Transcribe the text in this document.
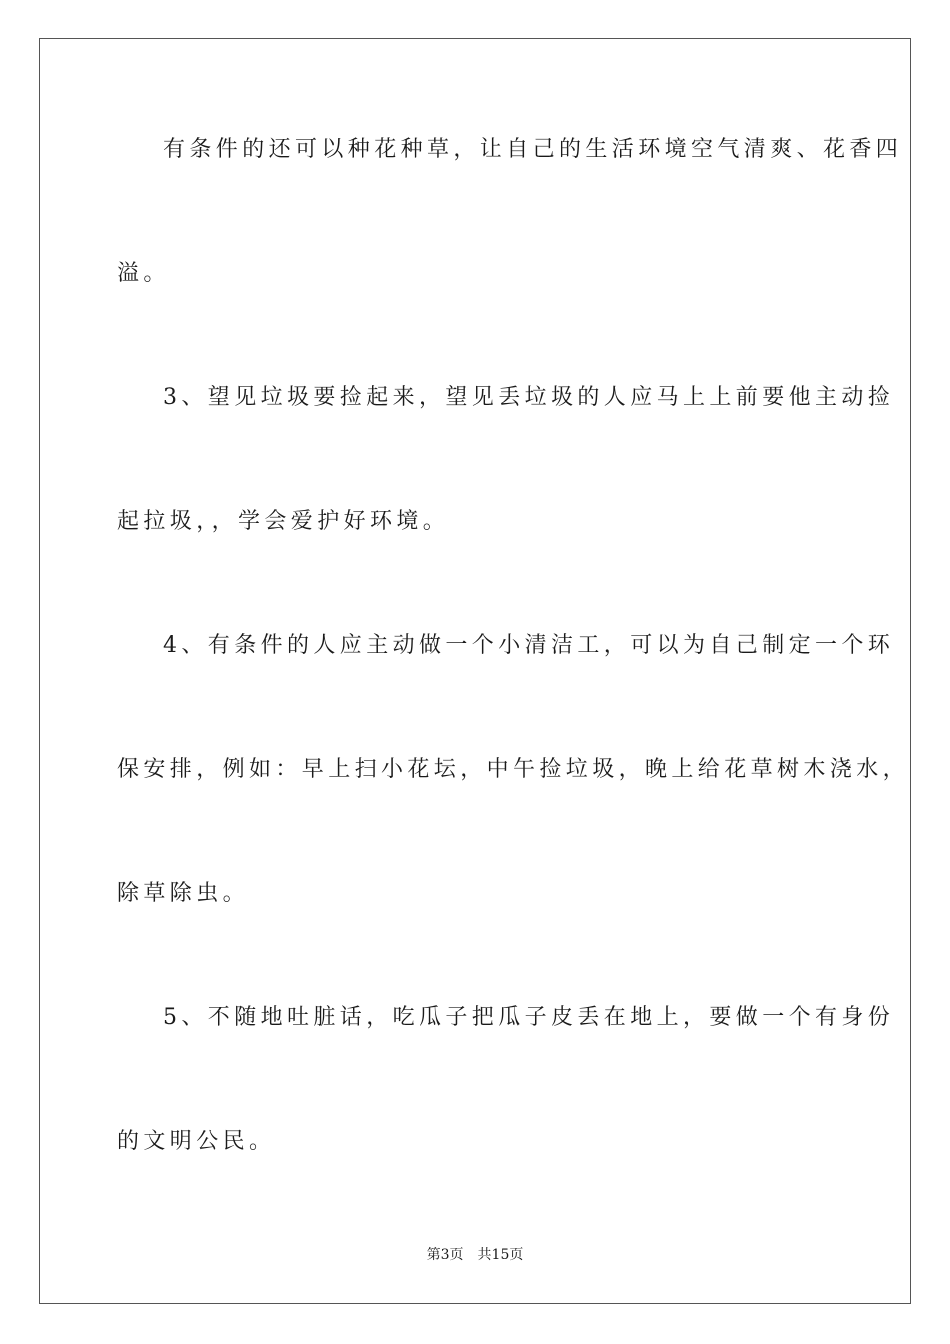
有条件的还可以种花种草，让自己的生活环境空气清爽、花香四
溢。
3、望见垃圾要捡起来，望见丢垃圾的人应马上上前要他主动捡
起拉圾，，学会爱护好环境。
4、有条件的人应主动做一个小清洁工，可以为自己制定一个环
保安排，例如：早上扫小花坛，中午捡垃圾，晚上给花草树木浇水，
除草除虫。
5、不随地吐脏话，吃瓜子把瓜子皮丢在地上，要做一个有身份
的文明公民。
第3页 共15页
